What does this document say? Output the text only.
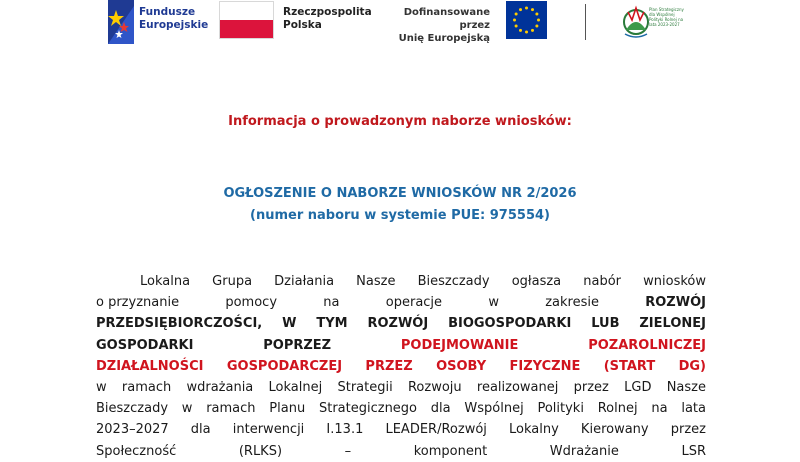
Fundusze
Europejskie
Rzeczpospolita
Polska
Dofinansowane przez
Unię Europejską
Plan Strategiczny dla Wspólnej Polityki Rolnej na lata 2023-2027
Informacja o prowadzonym naborze wniosków:
OGŁOSZENIE O NABORZE WNIOSKÓW NR 2/2026
(numer naboru w systemie PUE: 975554)
Lokalna Grupa Działania Nasze Bieszczady ogłasza nabór wniosków
o przyznanie	pomocy	na	operacje	w	zakresie	ROZWÓJ
PRZEDSIĘBIORCZOŚCI, W TYM ROZWÓJ BIOGOSPODARKI LUB ZIELONEJ
GOSPODARKI	POPRZEZ	PODEJMOWANIE	POZAROLNICZEJ
DZIAŁALNOŚCI GOSPODARCZEJ PRZEZ OSOBY FIZYCZNE (START DG)
w ramach wdrażania Lokalnej Strategii Rozwoju realizowanej przez LGD Nasze
Bieszczady w ramach Planu Strategicznego dla Wspólnej Polityki Rolnej na lata
2023–2027 dla interwencji I.13.1 LEADER/Rozwój Lokalny Kierowany przez
Społeczność (RLKS) – komponent Wdrażanie LSR
